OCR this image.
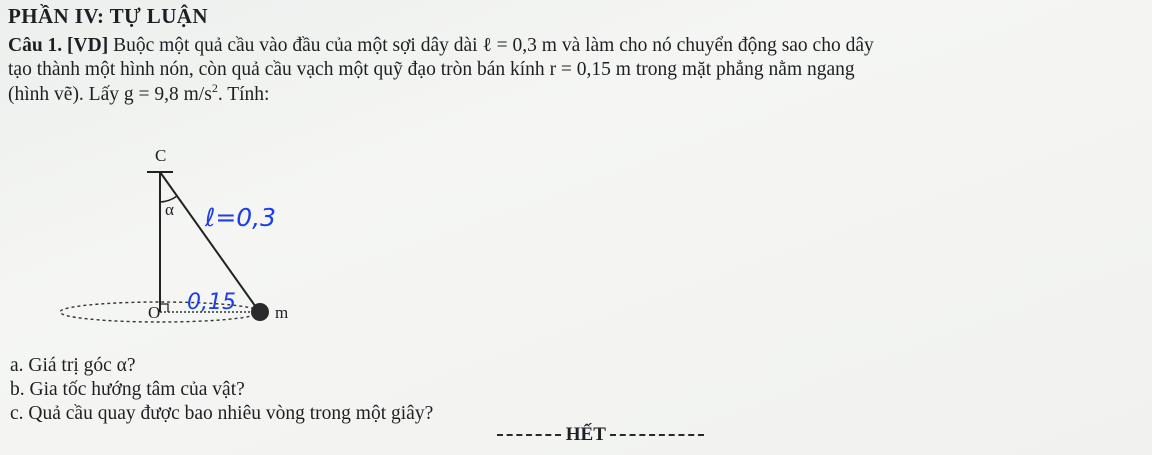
PHẦN IV: TỰ LUẬN
Câu 1. [VD] Buộc một quả cầu vào đầu của một sợi dây dài ℓ = 0,3 m và làm cho nó chuyển động sao cho dây
tạo thành một hình nón, còn quả cầu vạch một quỹ đạo tròn bán kính r = 0,15 m trong mặt phẳng nằm ngang
(hình vẽ). Lấy g = 9,8 $m/s^2$. Tính:
C
α
O	m
ℓ=0,3
0,15
a. Giá trị góc α?
b. Gia tốc hướng tâm của vật?
c. Quả cầu quay được bao nhiêu vòng trong một giây?
HẾT
